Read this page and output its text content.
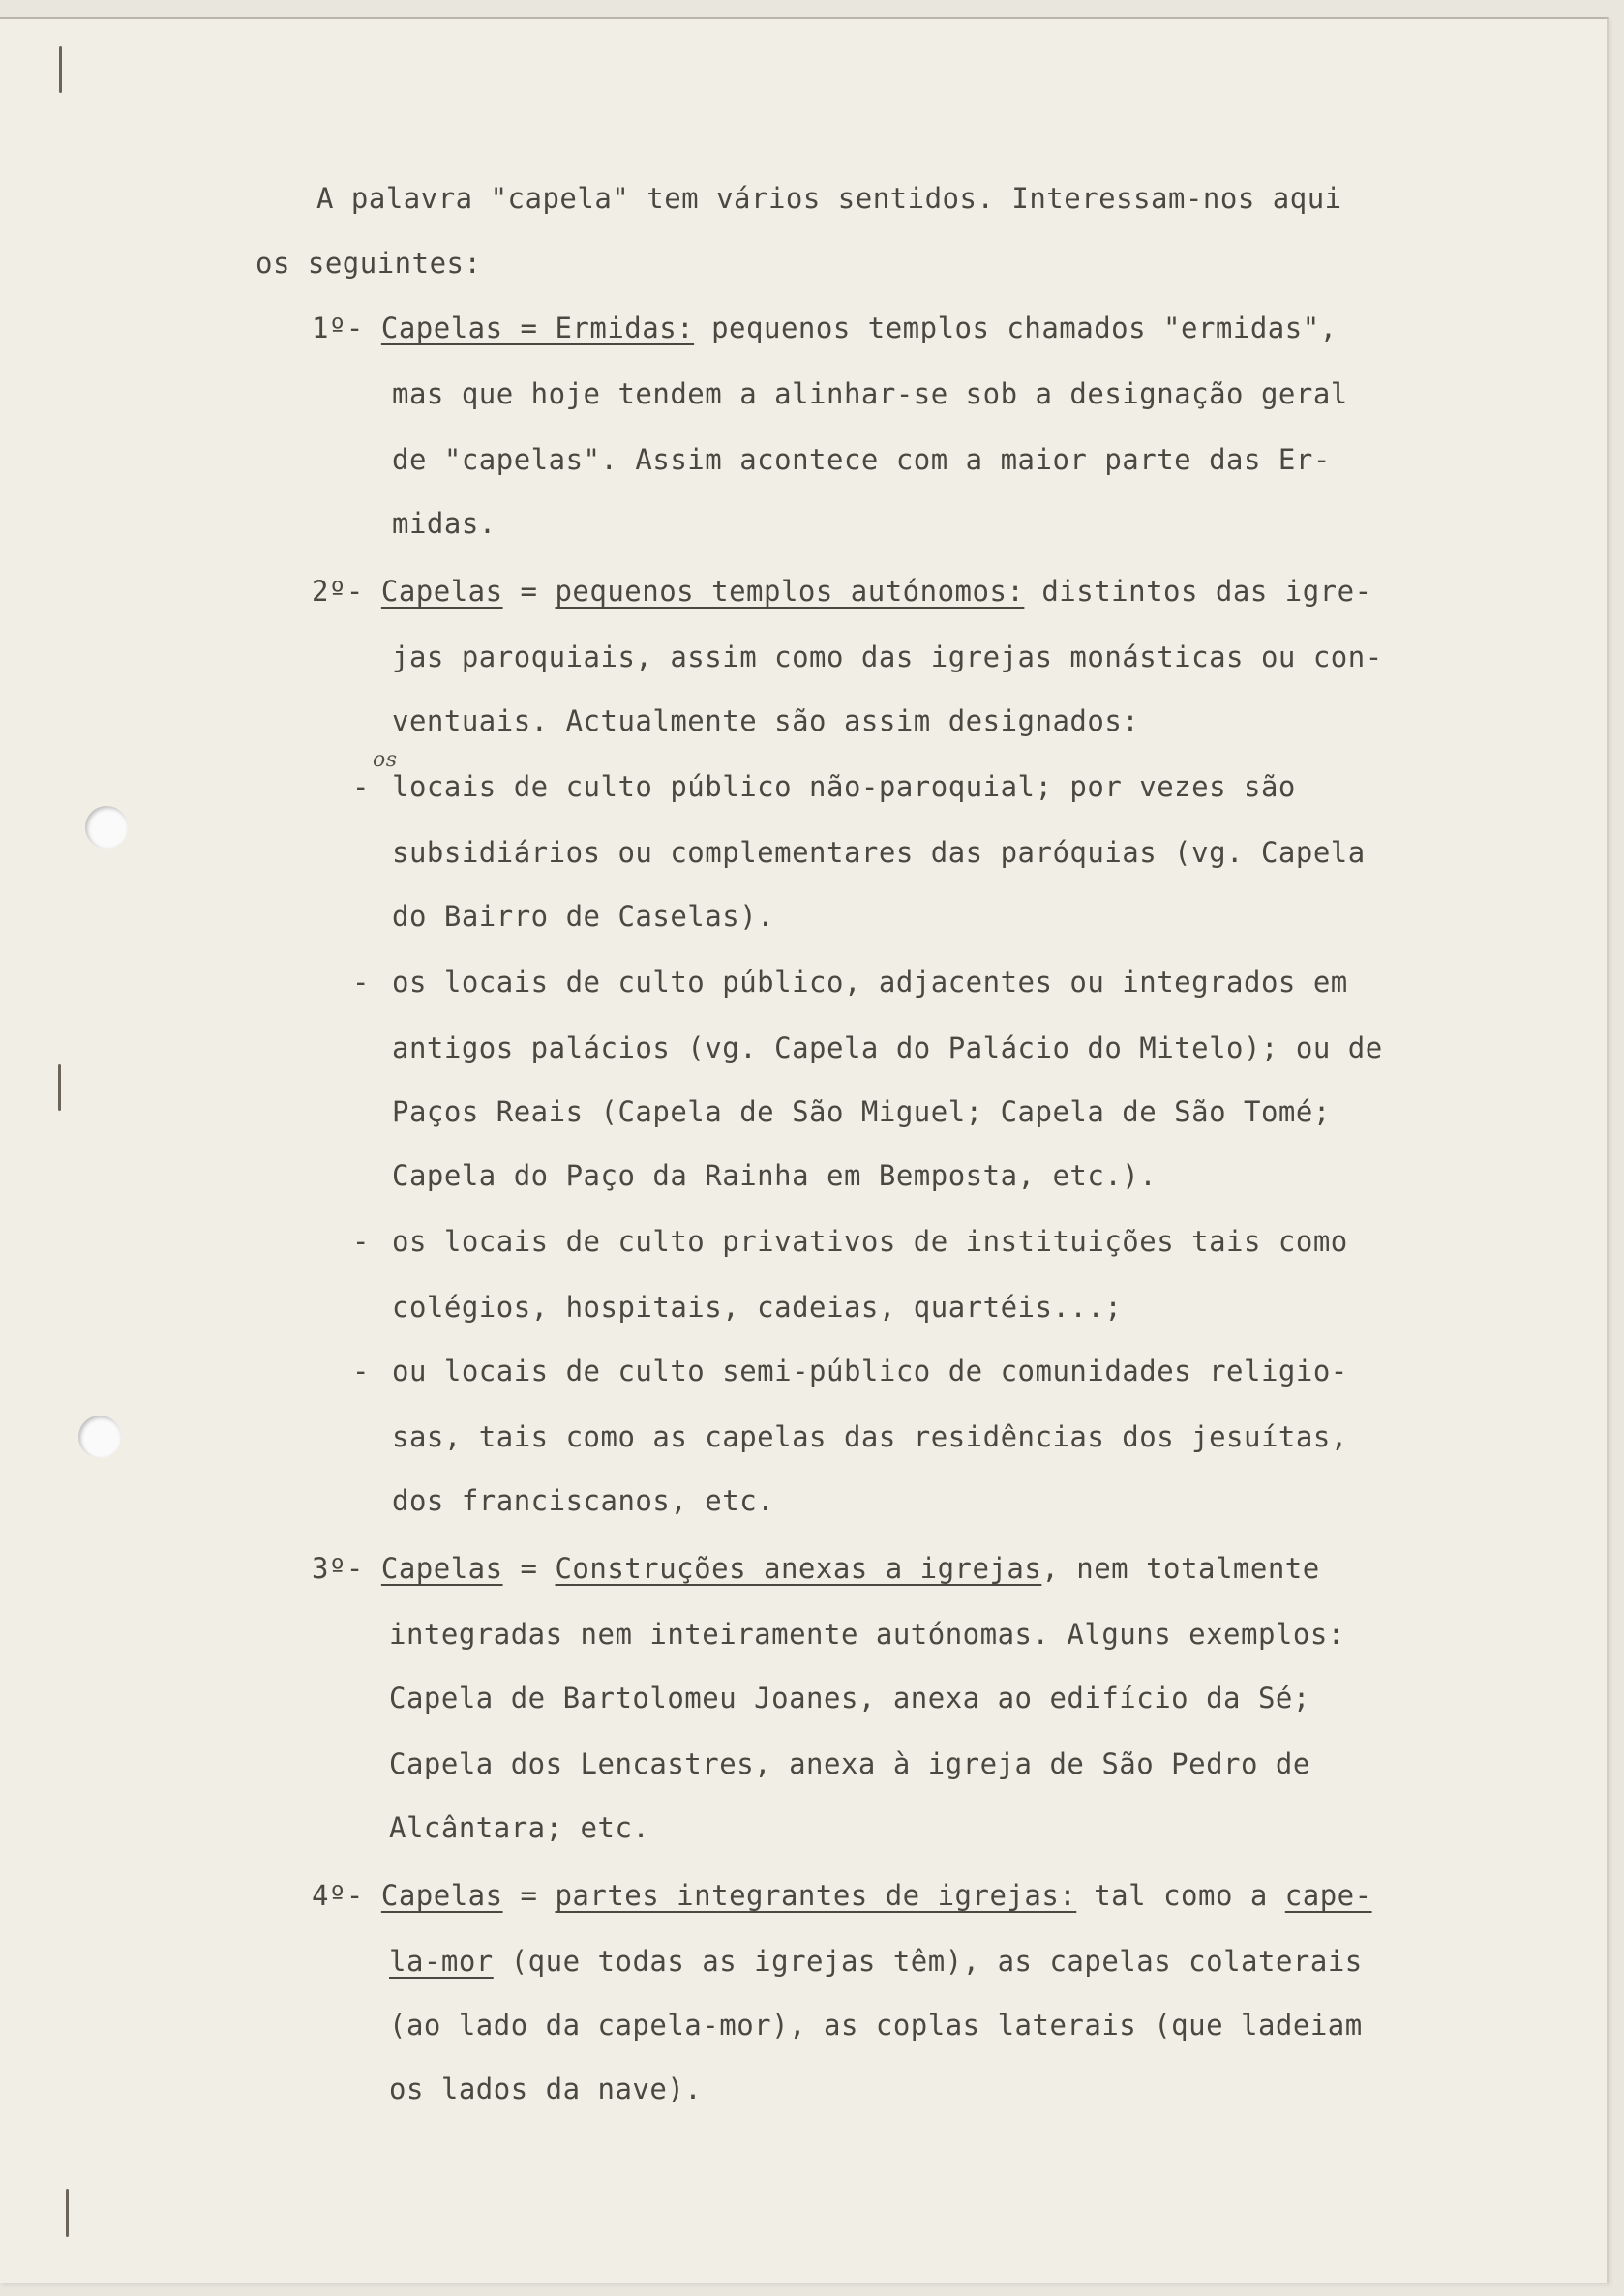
A palavra "capela" tem vários sentidos. Interessam-nos aqui
os seguintes:
1º- Capelas = Ermidas: pequenos templos chamados "ermidas",
mas que hoje tendem a alinhar-se sob a designação geral
de "capelas". Assim acontece com a maior parte das Er-
midas.
2º- Capelas = pequenos templos autónomos: distintos das igre-
jas paroquiais, assim como das igrejas monásticas ou con-
ventuais. Actualmente são assim designados:
os
- locais de culto público não-paroquial; por vezes são
subsidiários ou complementares das paróquias (vg. Capela
do Bairro de Caselas).
- os locais de culto público, adjacentes ou integrados em
antigos palácios (vg. Capela do Palácio do Mitelo); ou de
Paços Reais (Capela de São Miguel; Capela de São Tomé;
Capela do Paço da Rainha em Bemposta, etc.).
- os locais de culto privativos de instituições tais como
colégios, hospitais, cadeias, quartéis...;
- ou locais de culto semi-público de comunidades religio-
sas, tais como as capelas das residências dos jesuítas,
dos franciscanos, etc.
3º- Capelas = Construções anexas a igrejas, nem totalmente
integradas nem inteiramente autónomas. Alguns exemplos:
Capela de Bartolomeu Joanes, anexa ao edifício da Sé;
Capela dos Lencastres, anexa à igreja de São Pedro de
Alcântara; etc.
4º- Capelas = partes integrantes de igrejas: tal como a cape-
la-mor (que todas as igrejas têm), as capelas colaterais
(ao lado da capela-mor), as coplas laterais (que ladeiam
os lados da nave).
